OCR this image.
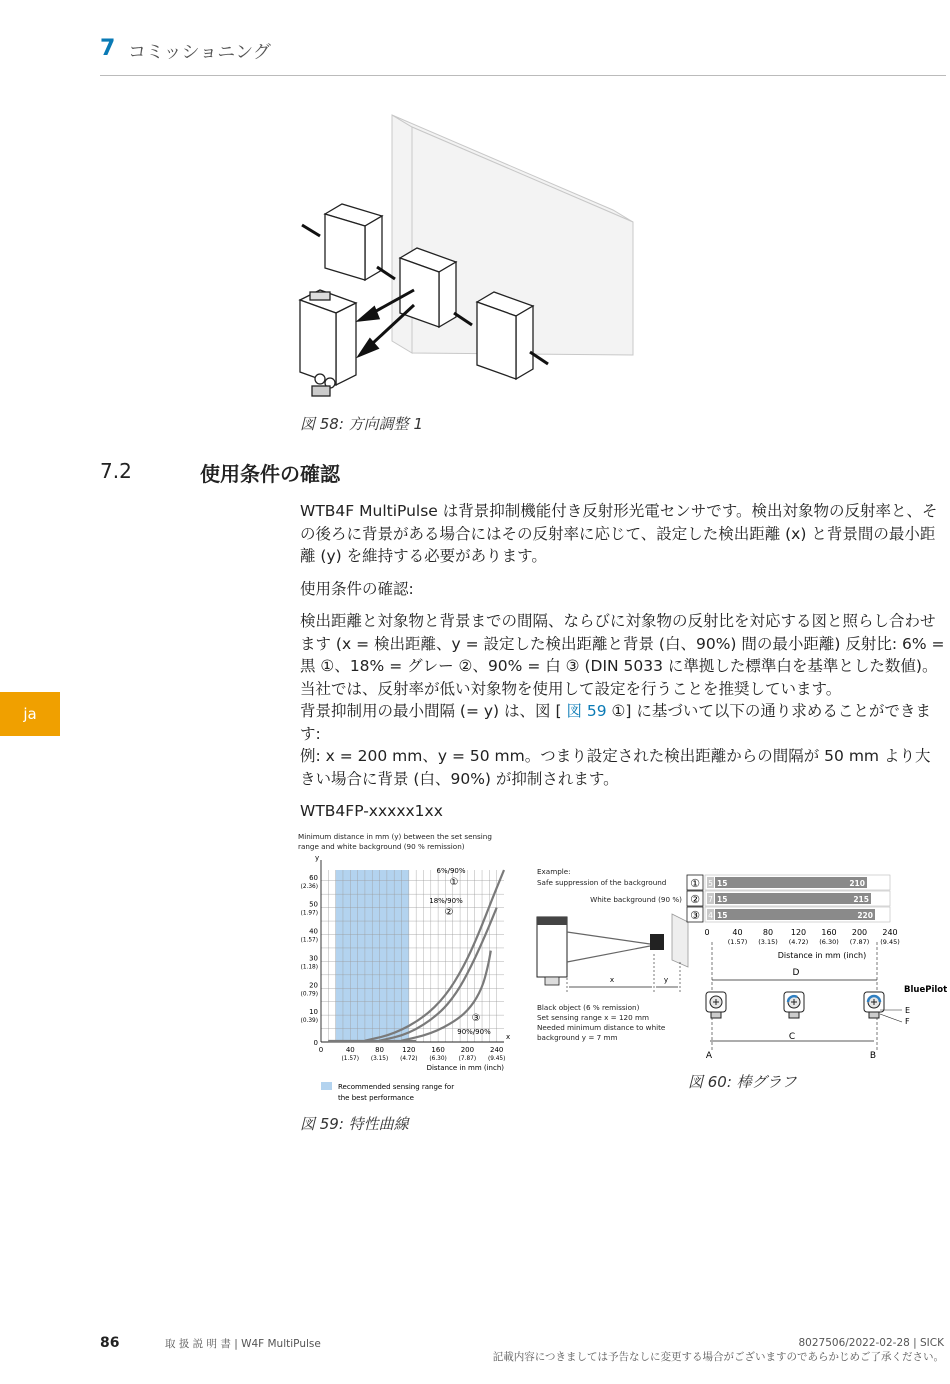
7 コミッショニング
図 58: 方向調整 1
7.2	使用条件の確認

WTB4F MultiPulse は背景抑制機能付き反射形光電センサです。検出対象物の反射率と、その後ろに背景がある場合にはその反射率に応じて、設定した検出距離 (x) と背景間の最小距離 (y) を維持する必要があります。

使用条件の確認:

検出距離と対象物と背景までの間隔、ならびに対象物の反射比を対応する図と照らし合わせます (x = 検出距離、y = 設定した検出距離と背景 (白、90%) 間の最小距離) 反射比: 6% = 黒 ①、18% = グレー ②、90% = 白 ③ (DIN 5033 に準拠した標準白を基準とした数値)。当社では、反射率が低い対象物を使用して設定を行うことを推奨しています。

背景抑制用の最小間隔 (= y) は、図 [ 図 59 ①] に基づいて以下の通り求めることができます:

例: x = 200 mm、y = 50 mm。つまり設定された検出距離からの間隔が 50 mm より大きい場合に背景 (白、90%) が抑制されます。

WTB4FP-xxxxx1xx

ja
Minimum distance in mm (y) between the set sensing
range and white background (90 % remission)
y
x
0
10
(0.39)
20
(0.79)
30
(1.18)
40
(1.57)
50
(1.97)
60
(2.36)
0	40
(1.57)
80
(3.15)
120
(4.72)
160
(6.30)
200
(7.87)
240
(9.45)
Distance in mm (inch)
6%/90%
①
18%/90%
②
③
90%/90%
Recommended sensing range for
the best performance
図 59: 特性曲線
Example:
Safe suppression of the background
White background (90 %)
Black object (6 % remission)
Set sensing range x = 120 mm
Needed minimum distance to white
background y = 7 mm
x	y
① 5 15	210
② 7 15	215
③ 4 15	220
0	40
(1.57)
80
(3.15)
120
(4.72)
160
(6.30)
200
(7.87)
240
(9.45)
Distance in mm (inch)
D
BluePilot
E
F
C
A	B
図 60: 棒グラフ
86	取 扱 説 明 書 | W4F MultiPulse	8027506/2022-02-28 | SICK
記載内容につきましては予告なしに変更する場合がございますのであらかじめご了承ください。
